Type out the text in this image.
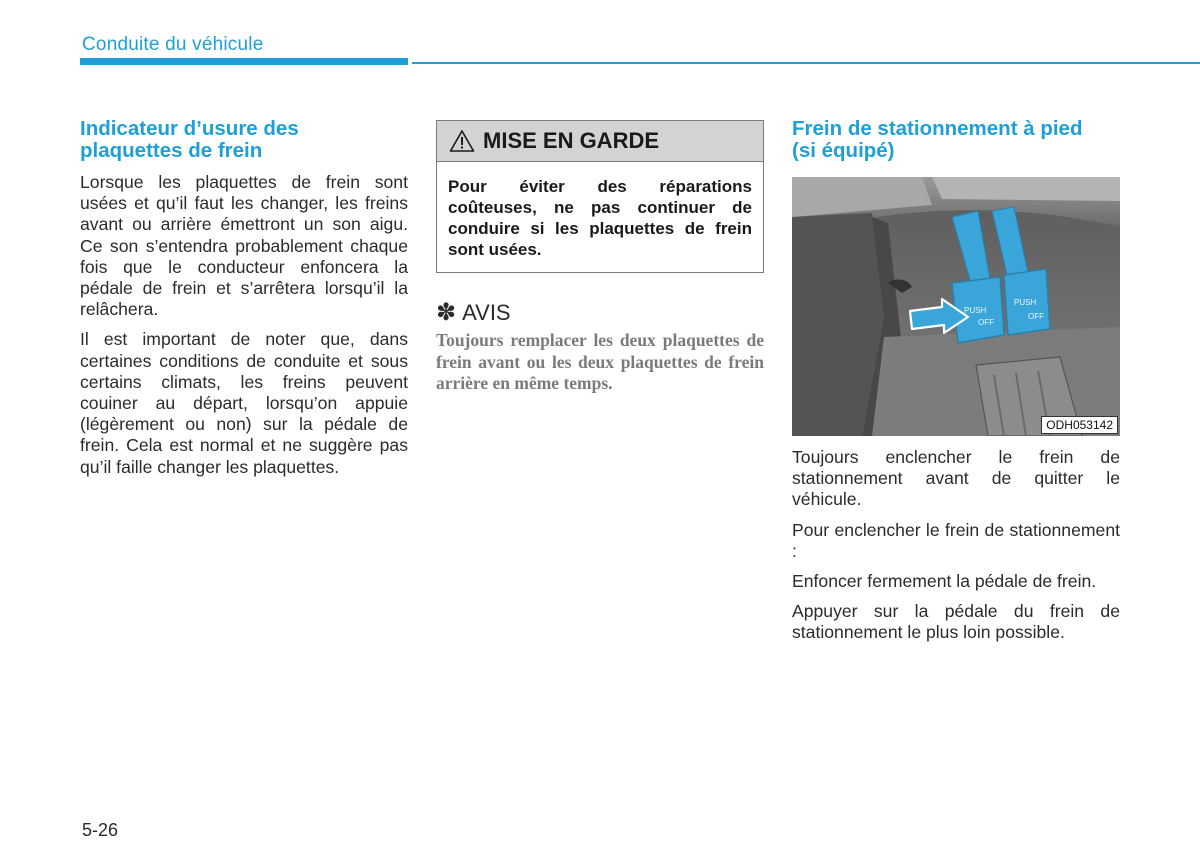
Conduite du véhicule
Indicateur d’usure des
plaquettes de frein

Lorsque les plaquettes de frein sont usées et qu’il faut les changer, les freins avant ou arrière émettront un son aigu. Ce son s’entendra probablement chaque fois que le conducteur enfoncera la pédale de frein et s’arrêtera lorsqu’il la relâchera.

Il est important de noter que, dans certaines conditions de conduite et sous certains climats, les freins peuvent couiner au départ, lorsqu’on appuie (légèrement ou non) sur la pédale de frein. Cela est normal et ne suggère pas qu’il faille changer les plaquettes.

MISE EN GARDE
Pour éviter des réparations coûteuses, ne pas continuer de conduire si les plaquettes de frein sont usées.
✽ AVIS
Toujours remplacer les deux plaquettes de frein avant ou les deux plaquettes de frein arrière en même temps.
Frein de stationnement à pied
(si équipé)
PUSH
OFF
PUSH
OFF
ODH053142

Toujours enclencher le frein de stationnement avant de quitter le véhicule.

Pour enclencher le frein de stationnement :

Enfoncer fermement la pédale de frein.

Appuyer sur la pédale du frein de stationnement le plus loin possible.

5-26
